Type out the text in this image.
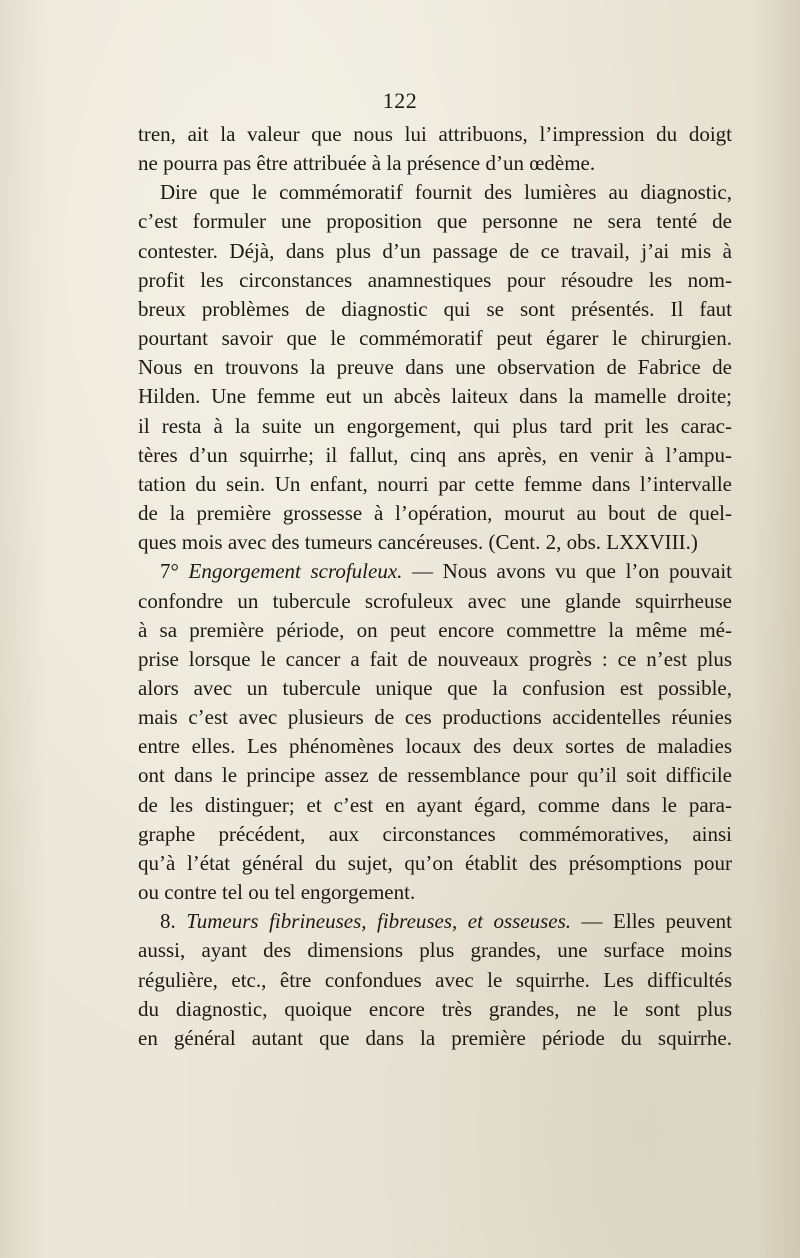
122
tren, ait la valeur que nous lui attribuons, l’impression du doigt
ne pourra pas être attribuée à la présence d’un œdème.
Dire que le commémoratif fournit des lumières au diagnostic,
c’est formuler une proposition que personne ne sera tenté de
contester. Déjà, dans plus d’un passage de ce travail, j’ai mis à
profit les circonstances anamnestiques pour résoudre les nom-
breux problèmes de diagnostic qui se sont présentés. Il faut
pourtant savoir que le commémoratif peut égarer le chirurgien.
Nous en trouvons la preuve dans une observation de Fabrice de
Hilden. Une femme eut un abcès laiteux dans la mamelle droite;
il resta à la suite un engorgement, qui plus tard prit les carac-
tères d’un squirrhe; il fallut, cinq ans après, en venir à l’ampu-
tation du sein. Un enfant, nourri par cette femme dans l’intervalle
de la première grossesse à l’opération, mourut au bout de quel-
ques mois avec des tumeurs cancéreuses. (Cent. 2, obs. LXXVIII.)
7° Engorgement scrofuleux. — Nous avons vu que l’on pouvait
confondre un tubercule scrofuleux avec une glande squirrheuse
à sa première période, on peut encore commettre la même mé-
prise lorsque le cancer a fait de nouveaux progrès : ce n’est plus
alors avec un tubercule unique que la confusion est possible,
mais c’est avec plusieurs de ces productions accidentelles réunies
entre elles. Les phénomènes locaux des deux sortes de maladies
ont dans le principe assez de ressemblance pour qu’il soit difficile
de les distinguer; et c’est en ayant égard, comme dans le para-
graphe précédent, aux circonstances commémoratives, ainsi
qu’à l’état général du sujet, qu’on établit des présomptions pour
ou contre tel ou tel engorgement.
8. Tumeurs fibrineuses, fibreuses, et osseuses. — Elles peuvent
aussi, ayant des dimensions plus grandes, une surface moins
régulière, etc., être confondues avec le squirrhe. Les difficultés
du diagnostic, quoique encore très grandes, ne le sont plus
en général autant que dans la première période du squirrhe.
